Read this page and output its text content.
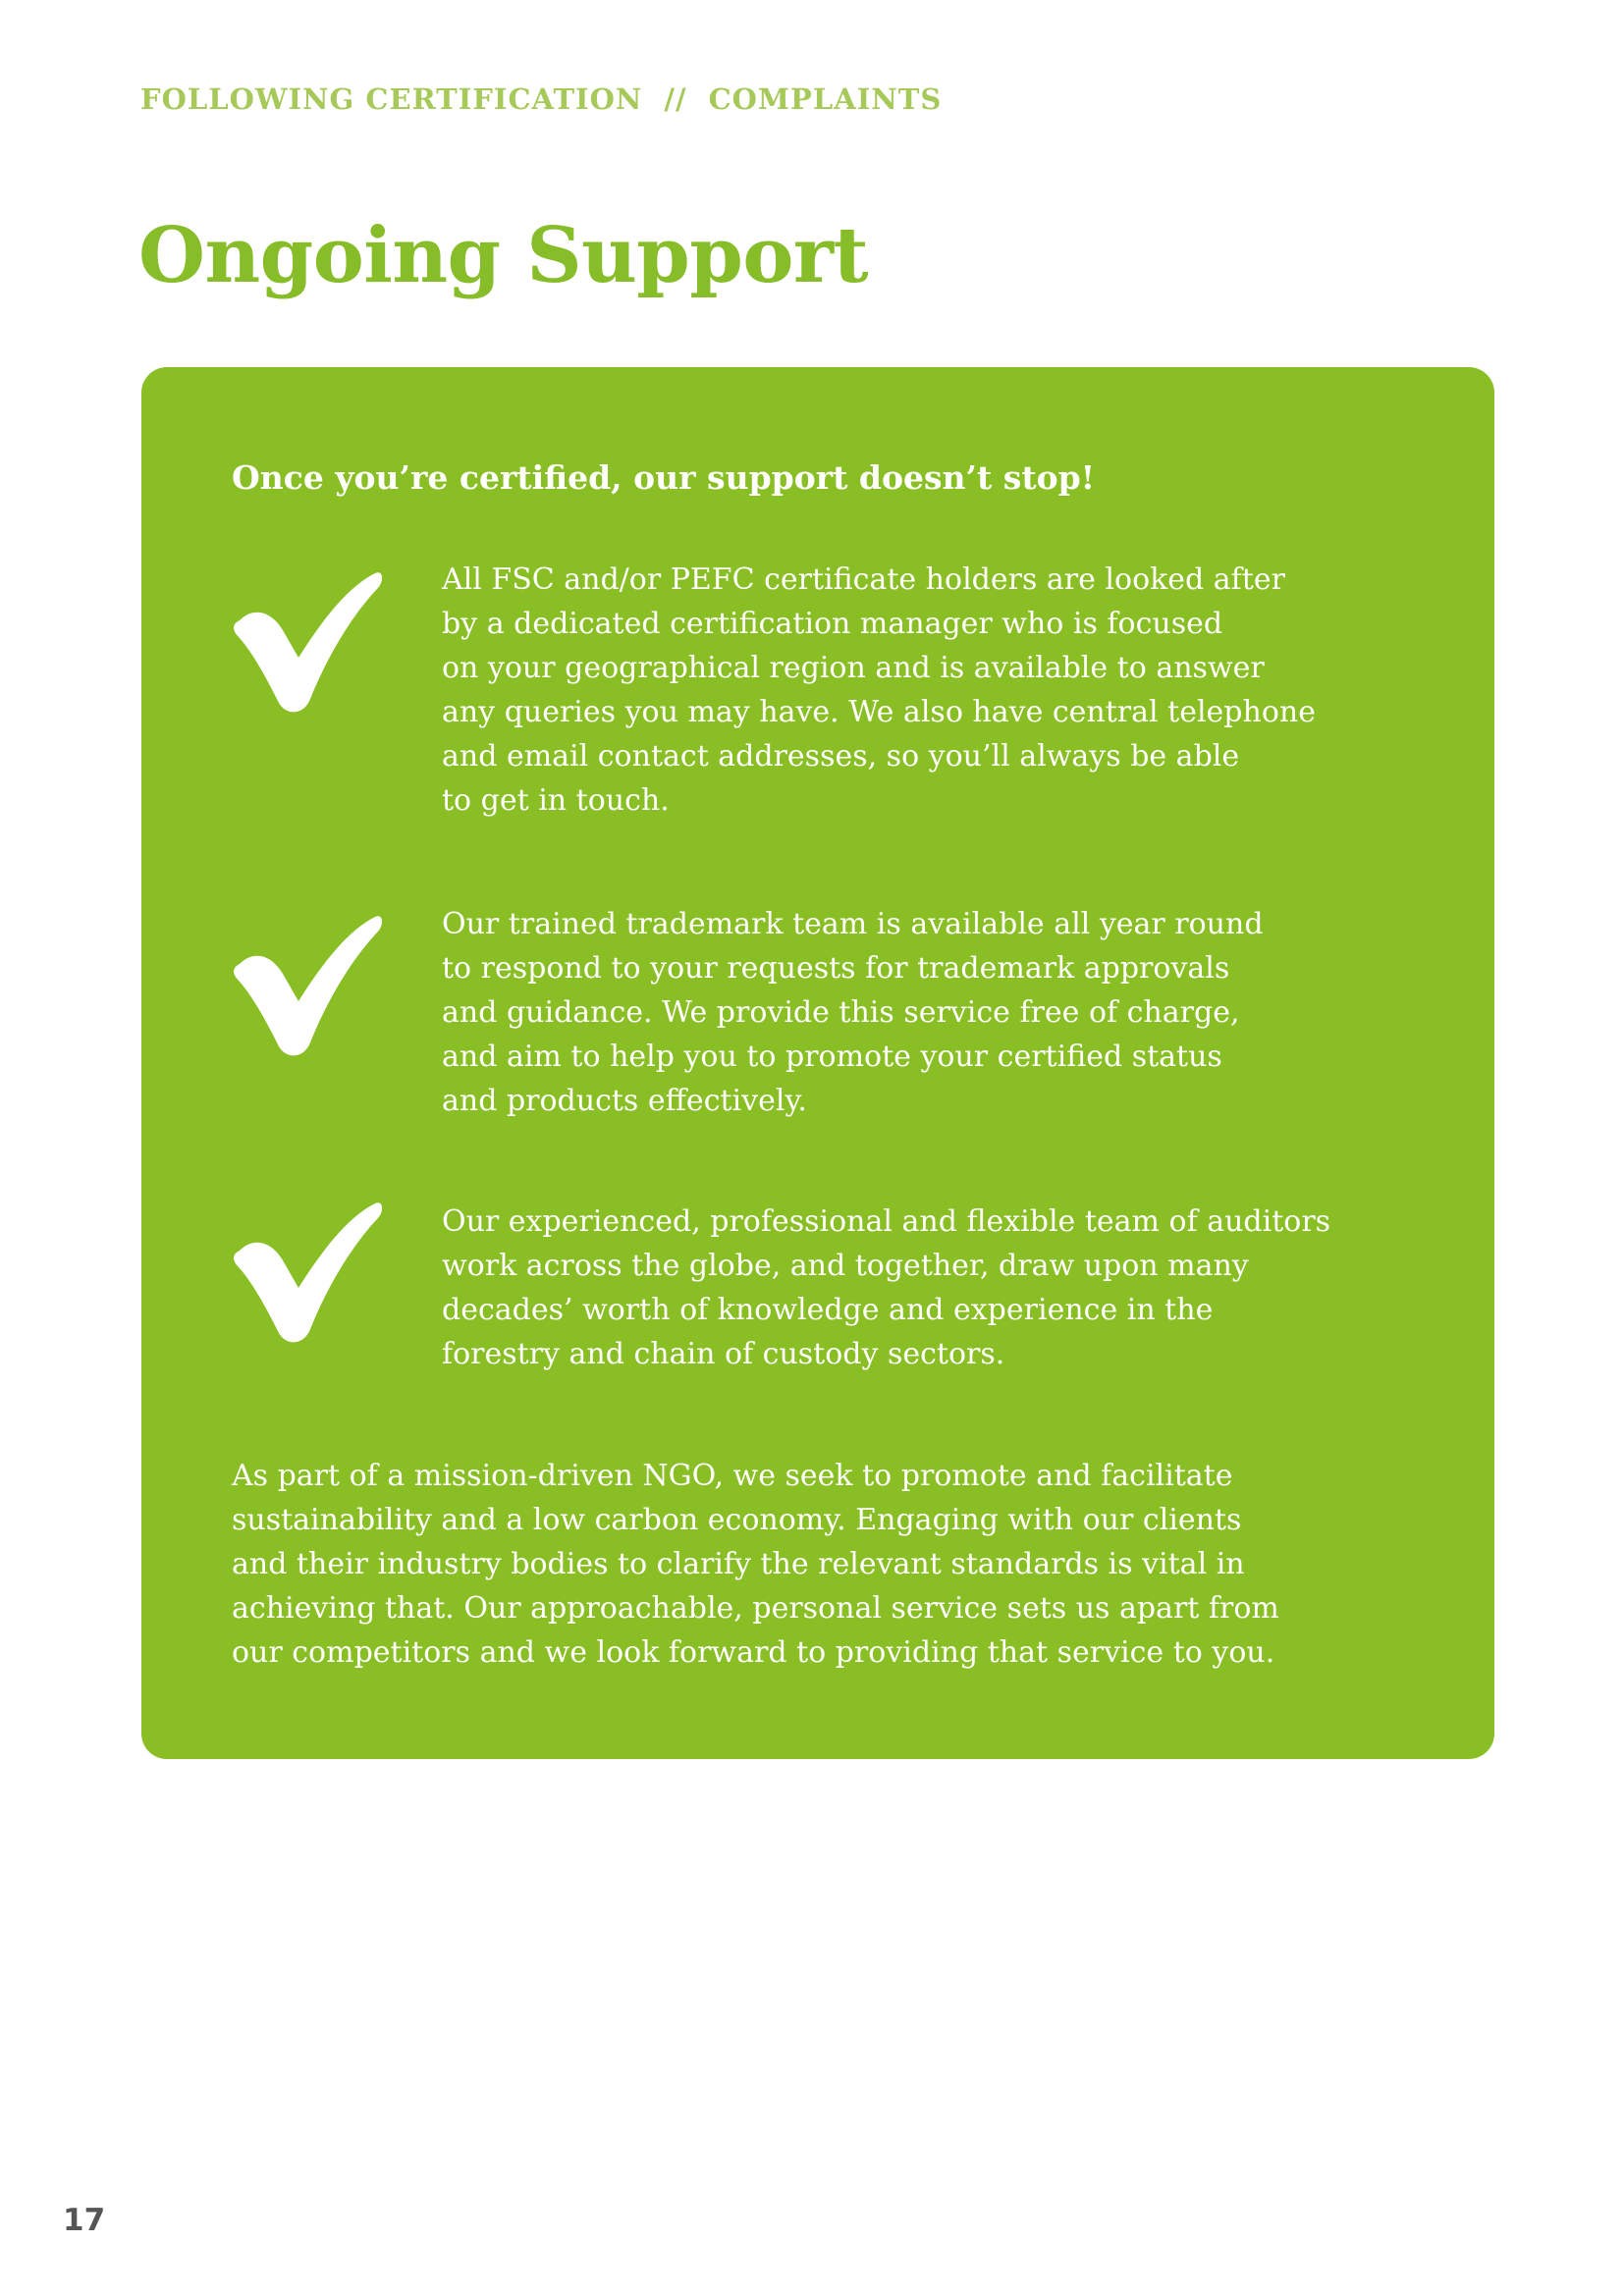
FOLLOWING CERTIFICATION // COMPLAINTS
Ongoing Support

Once you’re certified, our support doesn’t stop!

All FSC and/or PEFC certificate holders are looked after
by a dedicated certification manager who is focused
on your geographical region and is available to answer
any queries you may have. We also have central telephone
and email contact addresses, so you’ll always be able
to get in touch.

Our trained trademark team is available all year round
to respond to your requests for trademark approvals
and guidance. We provide this service free of charge,
and aim to help you to promote your certified status
and products effectively.

Our experienced, professional and flexible team of auditors
work across the globe, and together, draw upon many
decades’ worth of knowledge and experience in the
forestry and chain of custody sectors.

As part of a mission-driven NGO, we seek to promote and facilitate
sustainability and a low carbon economy. Engaging with our clients
and their industry bodies to clarify the relevant standards is vital in
achieving that. Our approachable, personal service sets us apart from
our competitors and we look forward to providing that service to you.

17
